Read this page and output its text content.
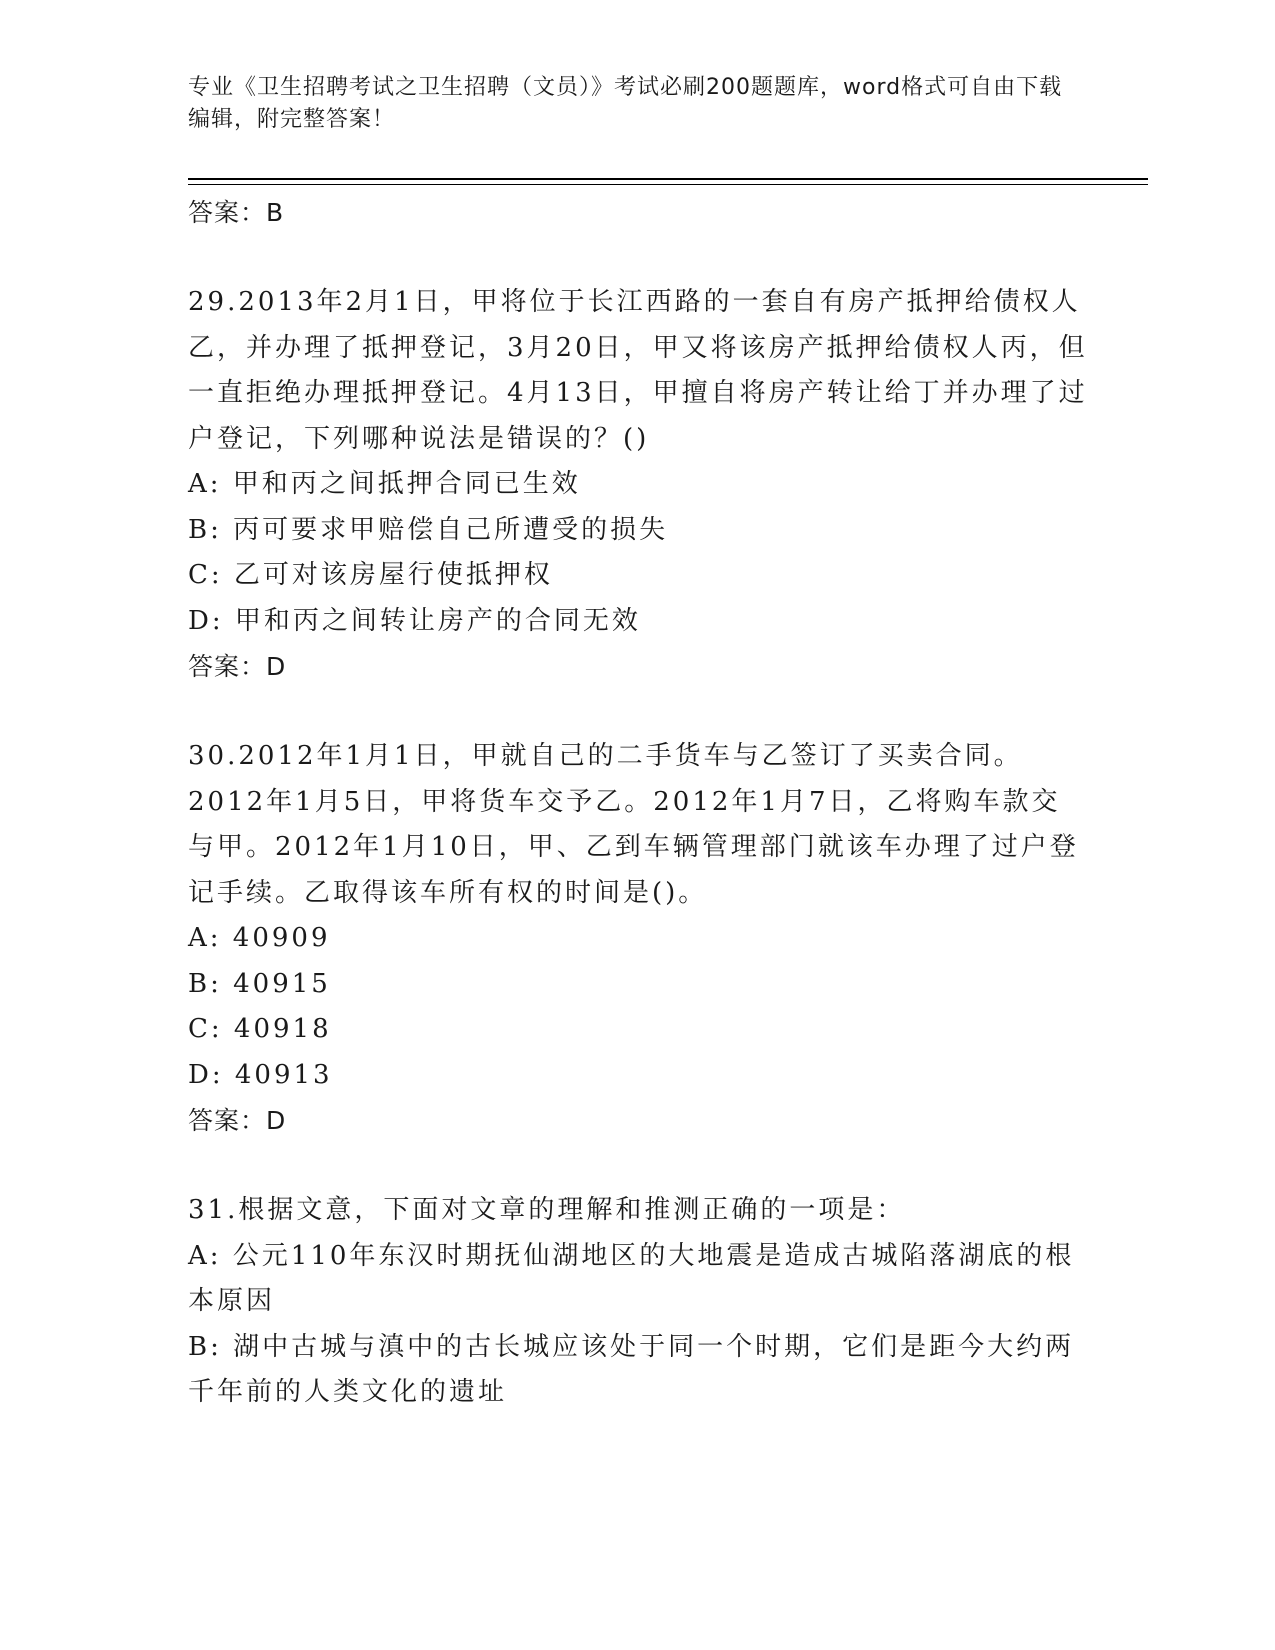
专业《卫生招聘考试之卫生招聘（文员）》考试必刷200题题库，word格式可自由下载编辑，附完整答案！
答案：B

29.2013年2月1日，甲将位于长江西路的一套自有房产抵押给债权人乙，并办理了抵押登记，3月20日，甲又将该房产抵押给债权人丙，但一直拒绝办理抵押登记。4月13日，甲擅自将房产转让给丁并办理了过户登记，下列哪种说法是错误的？()

A: 甲和丙之间抵押合同已生效

B: 丙可要求甲赔偿自己所遭受的损失

C: 乙可对该房屋行使抵押权

D: 甲和丙之间转让房产的合同无效

答案：D

30.2012年1月1日，甲就自己的二手货车与乙签订了买卖合同。2012年1月5日，甲将货车交予乙。2012年1月7日，乙将购车款交与甲。2012年1月10日，甲、乙到车辆管理部门就该车办理了过户登记手续。乙取得该车所有权的时间是()。

A: 40909

B: 40915

C: 40918

D: 40913

答案：D

31.根据文意，下面对文章的理解和推测正确的一项是：

A: 公元110年东汉时期抚仙湖地区的大地震是造成古城陷落湖底的根本原因

B: 湖中古城与滇中的古长城应该处于同一个时期，它们是距今大约两千年前的人类文化的遗址
